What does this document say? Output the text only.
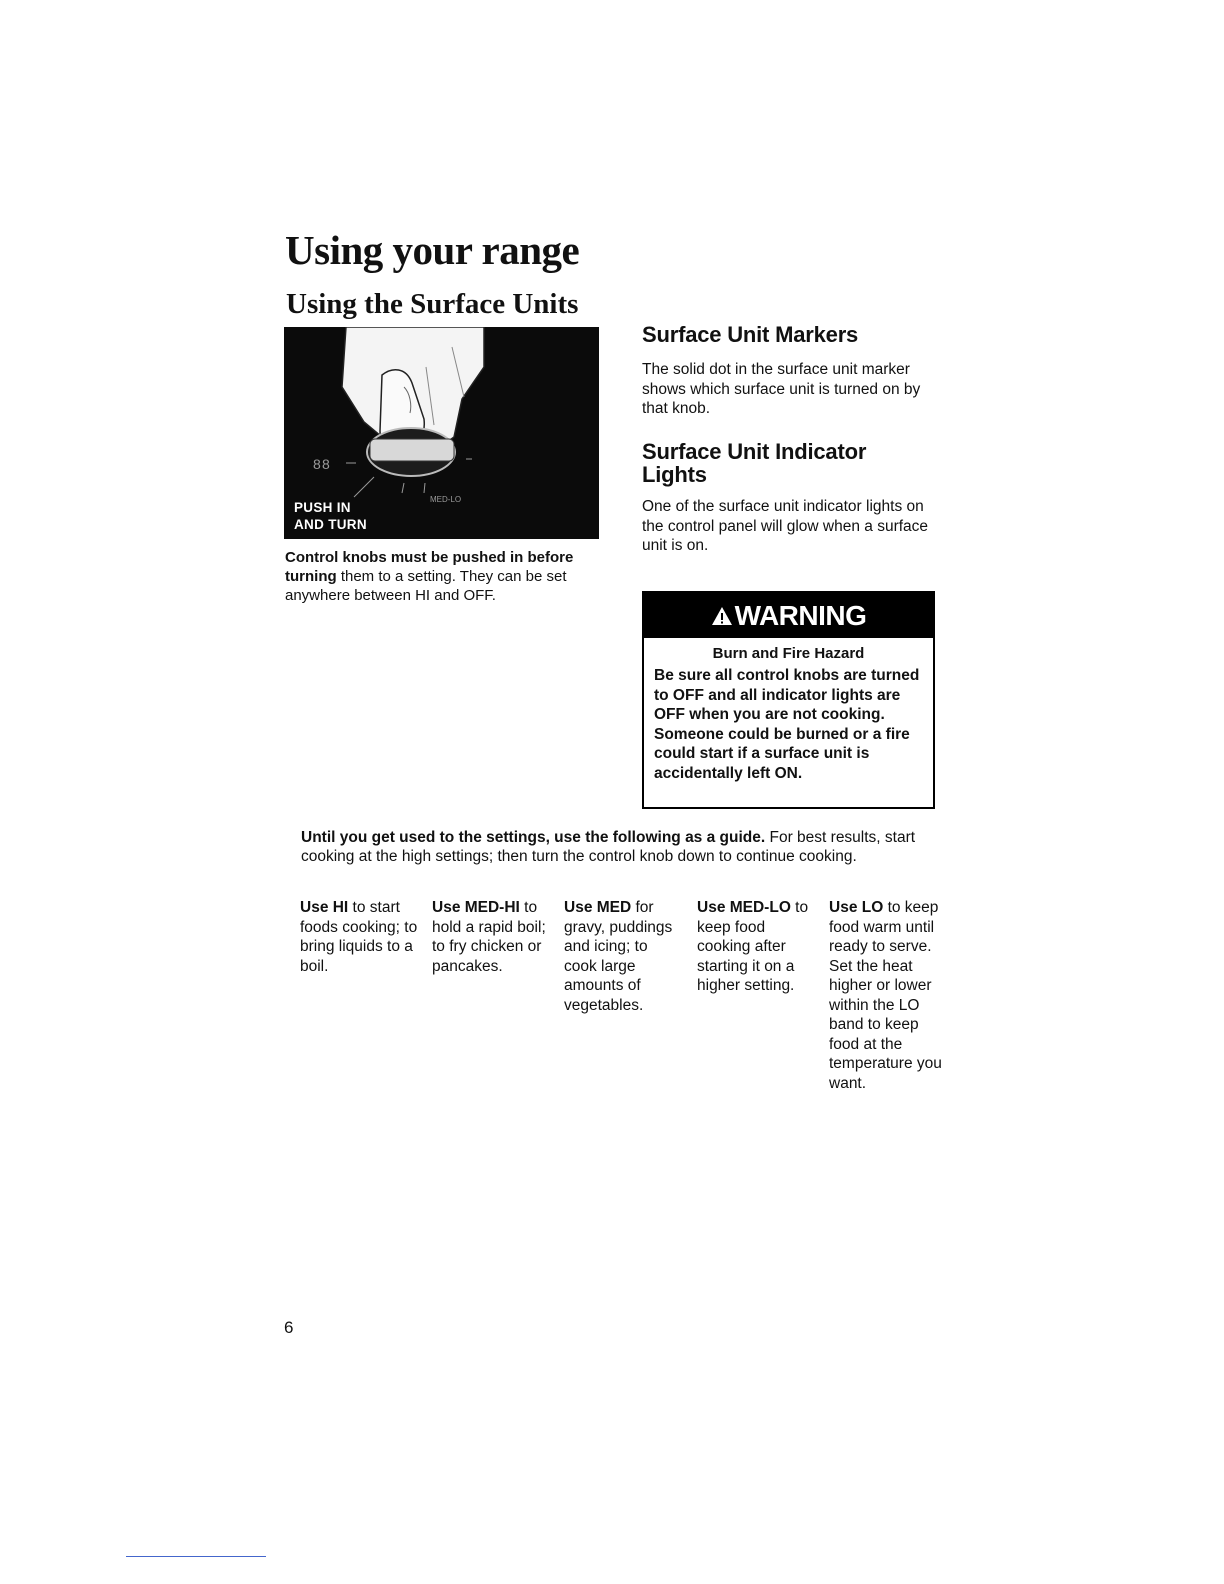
Using your range
Using the Surface Units
8 8
MED-LO
PUSH IN
AND TURN
Control knobs must be pushed in before turning them to a setting. They can be set anywhere between HI and OFF.
Surface Unit Markers
The solid dot in the surface unit marker shows which surface unit is turned on by that knob.
Surface Unit Indicator Lights
One of the surface unit indicator lights on the control panel will glow when a surface unit is on.
WARNING
Burn and Fire Hazard
Be sure all control knobs are turned to OFF and all indicator lights are OFF when you are not cooking. Someone could be burned or a fire could start if a surface unit is accidentally left ON.
Until you get used to the settings, use the following as a guide. For best results, start cooking at the high settings; then turn the control knob down to continue cooking.
Use HI to start foods cooking; to bring liquids to a boil.
Use MED-HI to hold a rapid boil; to fry chicken or pancakes.
Use MED for gravy, puddings and icing; to cook large amounts of vegetables.
Use MED-LO to keep food cooking after starting it on a higher setting.
Use LO to keep food warm until ready to serve. Set the heat higher or lower within the LO band to keep food at the temperature you want.
6
